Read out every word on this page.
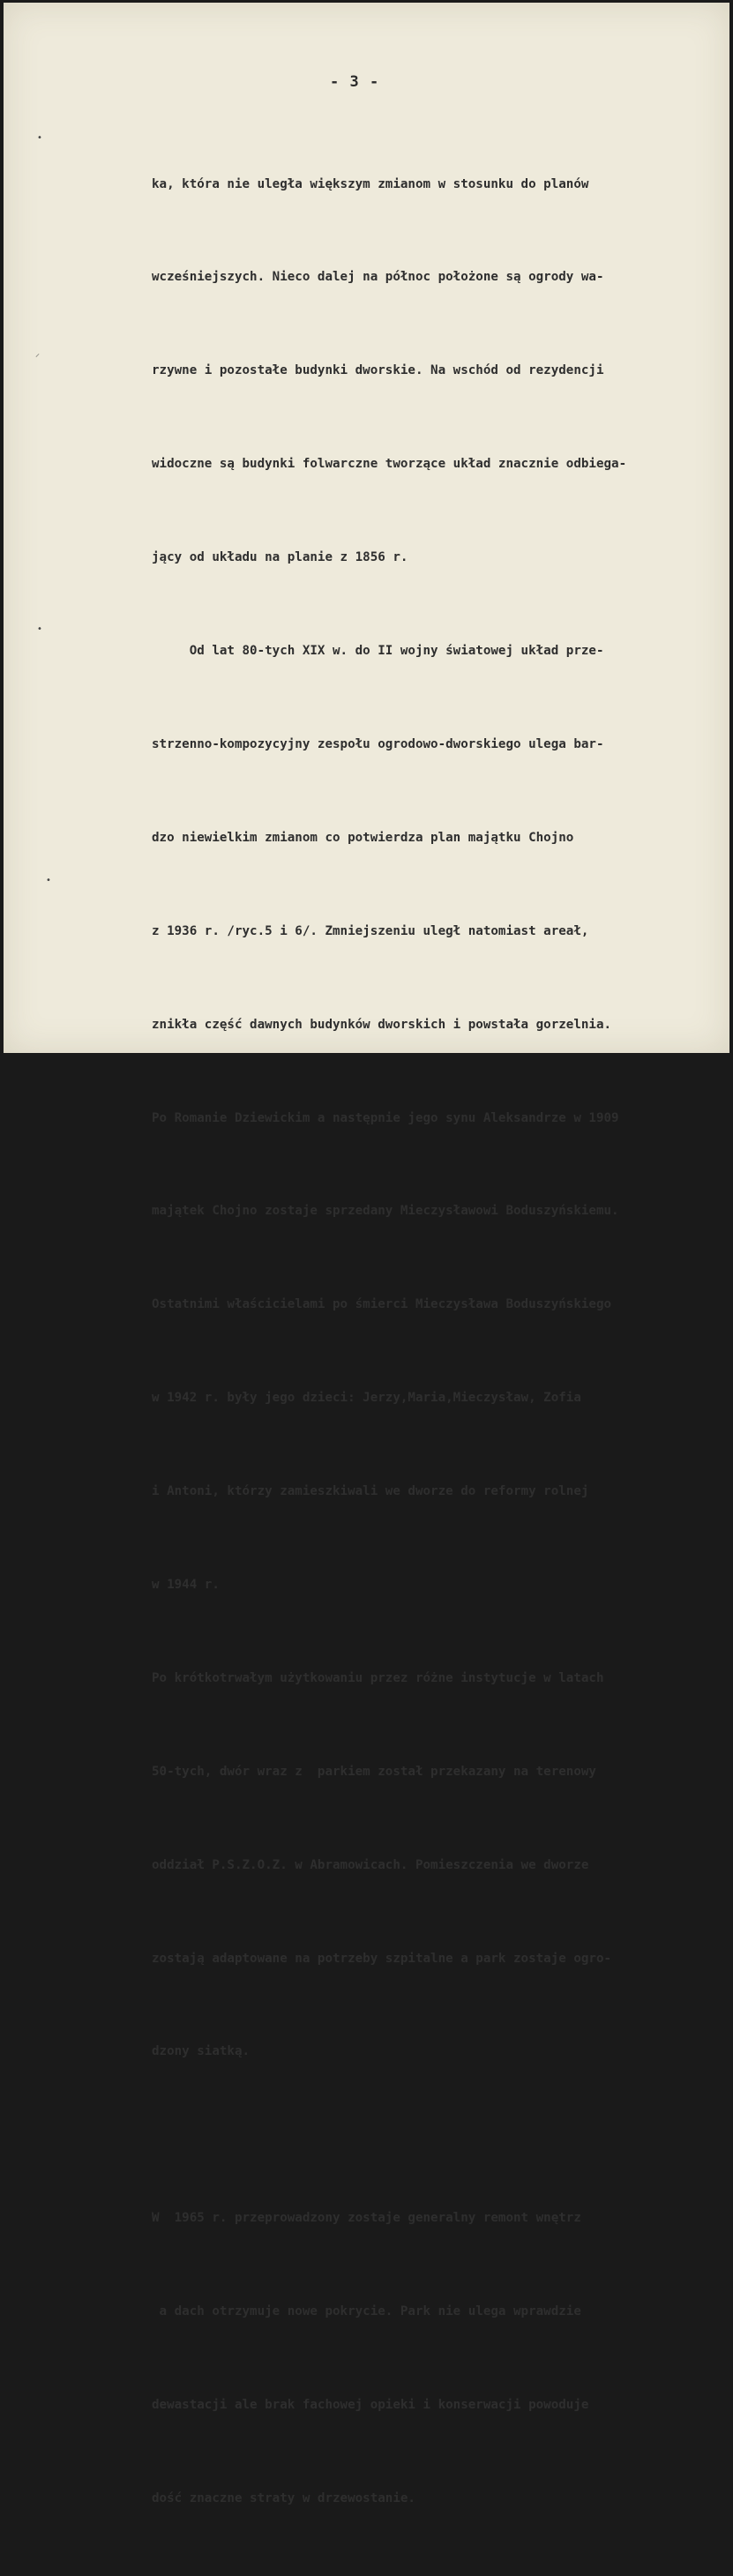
- 3 -

ka, która nie uległa większym zmianom w stosunku do planów

wcześniejszych. Nieco dalej na północ położone są ogrody wa-

rzywne i pozostałe budynki dworskie. Na wschód od rezydencji

widoczne są budynki folwarczne tworzące układ znacznie odbiega-

jący od układu na planie z 1856 r.

Od lat 80-tych XIX w. do II wojny światowej układ prze-

strzenno-kompozycyjny zespołu ogrodowo-dworskiego ulega bar-

dzo niewielkim zmianom co potwierdza plan majątku Chojno

z 1936 r. /ryc.5 i 6/. Zmniejszeniu uległ natomiast areał,

znikła część dawnych budynków dworskich i powstała gorzelnia.

Po Romanie Dziewickim a następnie jego synu Aleksandrze w 1909

majątek Chojno zostaje sprzedany Mieczysławowi Boduszyńskiemu.

Ostatnimi właścicielami po śmierci Mieczysława Boduszyńskiego

w 1942 r. były jego dzieci: Jerzy,Maria,Mieczysław, Zofia

i Antoni, którzy zamieszkiwali we dworze do reformy rolnej

w 1944 r.

Po krótkotrwałym użytkowaniu przez różne instytucje w latach

50-tych, dwór wraz z  parkiem został przekazany na terenowy

oddział P.S.Z.O.Z. w Abramowicach. Pomieszczenia we dworze

zostają adaptowane na potrzeby szpitalne a park zostaje ogro-

dzony siatką.

W  1965 r. przeprowadzony zostaje generalny remont wnętrz

a dach otrzymuje nowe pokrycie. Park nie ulega wprawdzie

dewastacji ale brak fachowej opieki i konserwacji powoduje

dość znaczne straty w drzewostanie.

•
⸝
•
•
